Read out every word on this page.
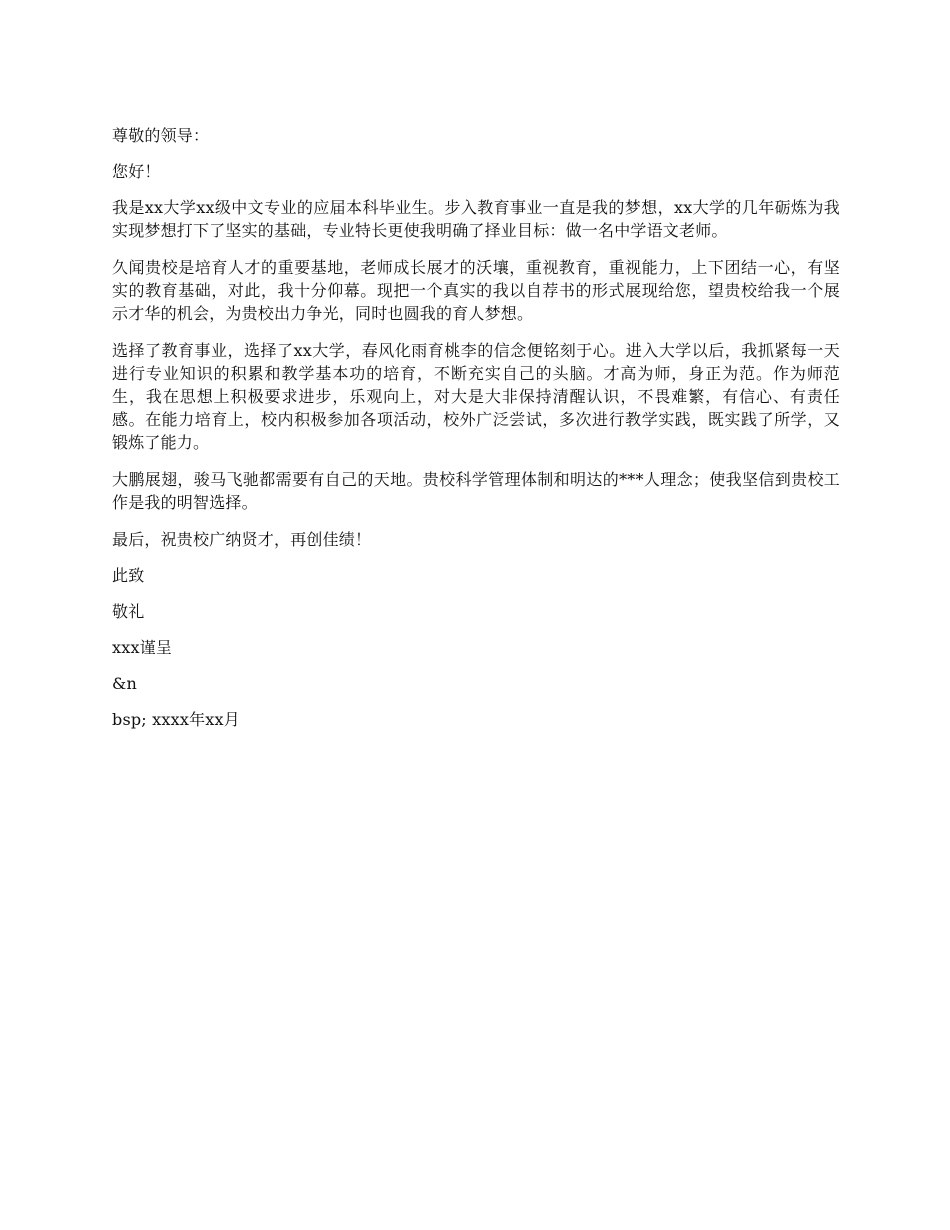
尊敬的领导：

您好！

我是xx大学xx级中文专业的应届本科毕业生。步入教育事业一直是我的梦想，xx大学的几年砺炼为我实现梦想打下了坚实的基础，专业特长更使我明确了择业目标：做一名中学语文老师。

久闻贵校是培育人才的重要基地，老师成长展才的沃壤，重视教育，重视能力，上下团结一心，有坚实的教育基础，对此，我十分仰幕。现把一个真实的我以自荐书的形式展现给您，望贵校给我一个展示才华的机会，为贵校出力争光，同时也圆我的育人梦想。

选择了教育事业，选择了xx大学，春风化雨育桃李的信念便铭刻于心。进入大学以后，我抓紧每一天进行专业知识的积累和教学基本功的培育，不断充实自己的头脑。才高为师，身正为范。作为师范生，我在思想上积极要求进步，乐观向上，对大是大非保持清醒认识，不畏难繁，有信心、有责任感。在能力培育上，校内积极参加各项活动，校外广泛尝试，多次进行教学实践，既实践了所学，又锻炼了能力。

大鹏展翅，骏马飞驰都需要有自己的天地。贵校科学管理体制和明达的***人理念；使我坚信到贵校工作是我的明智选择。

最后，祝贵校广纳贤才，再创佳绩！

此致

敬礼

xxx谨呈

&n

bsp; xxxx年xx月
